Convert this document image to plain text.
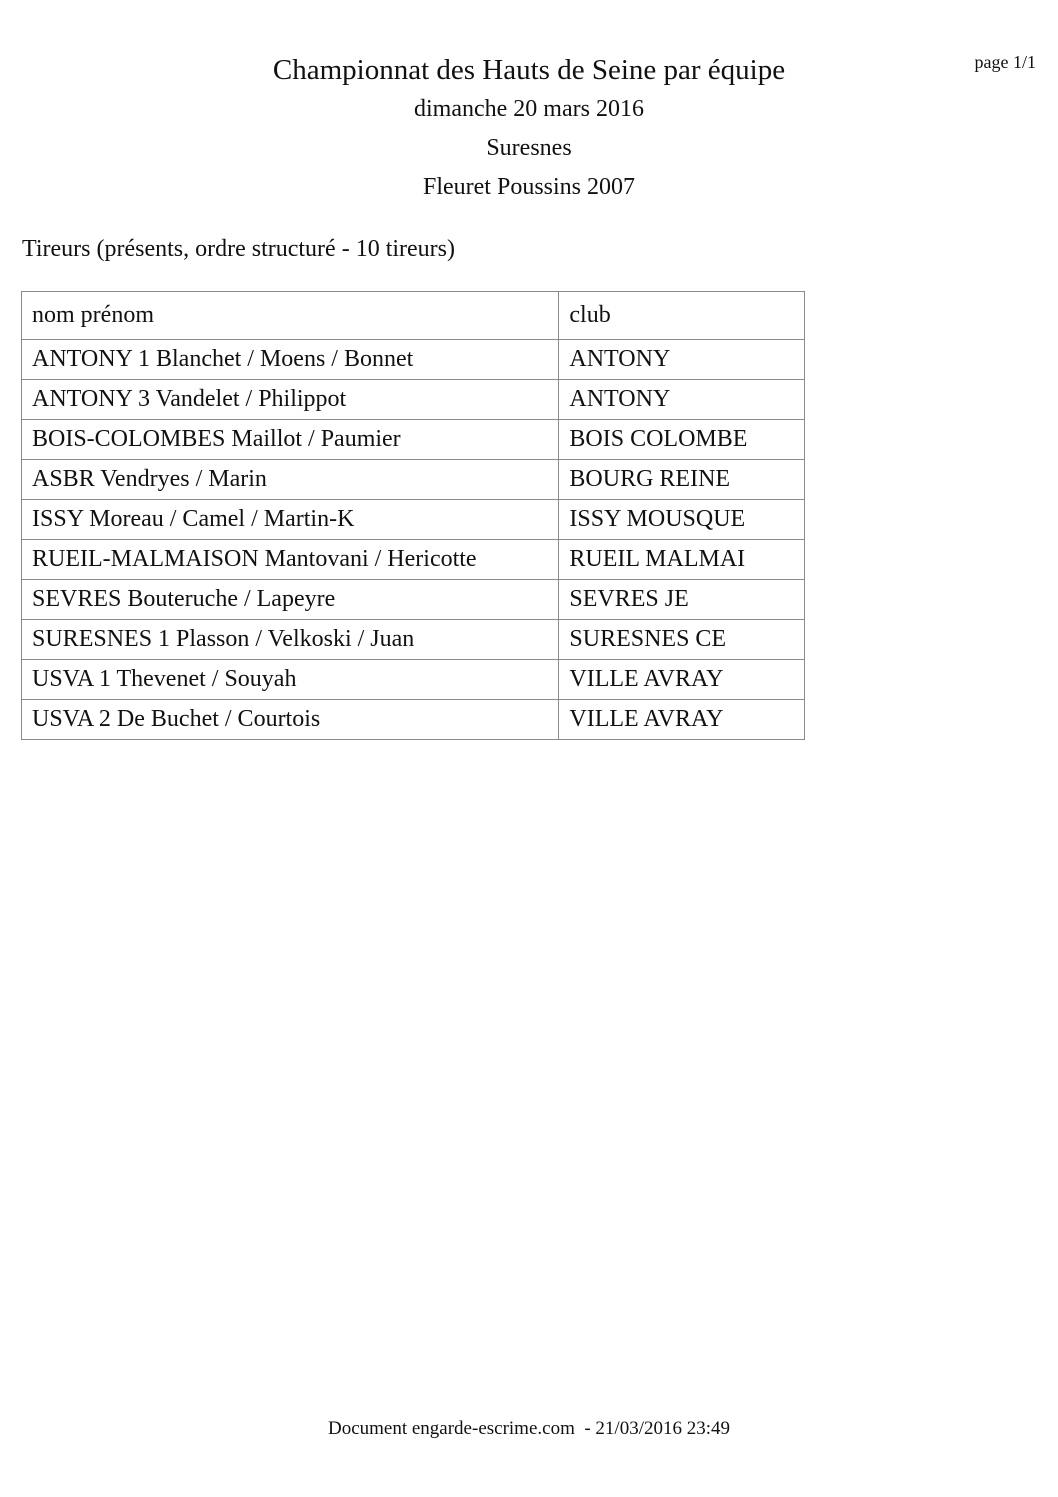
page 1/1
Championnat des Hauts de Seine par équipe
dimanche 20 mars 2016
Suresnes
Fleuret Poussins 2007
Tireurs (présents, ordre structuré - 10 tireurs)
nom prénom	club
ANTONY 1 Blanchet / Moens / Bonnet	ANTONY
ANTONY 3 Vandelet / Philippot	ANTONY
BOIS-COLOMBES Maillot / Paumier	BOIS COLOMBE
ASBR Vendryes / Marin	BOURG REINE
ISSY Moreau / Camel / Martin-K	ISSY MOUSQUE
RUEIL-MALMAISON Mantovani / Hericotte	RUEIL MALMAI
SEVRES Bouteruche / Lapeyre	SEVRES JE
SURESNES 1 Plasson / Velkoski / Juan	SURESNES CE
USVA 1 Thevenet / Souyah	VILLE AVRAY
USVA 2 De Buchet / Courtois	VILLE AVRAY
Document engarde-escrime.com  - 21/03/2016 23:49
